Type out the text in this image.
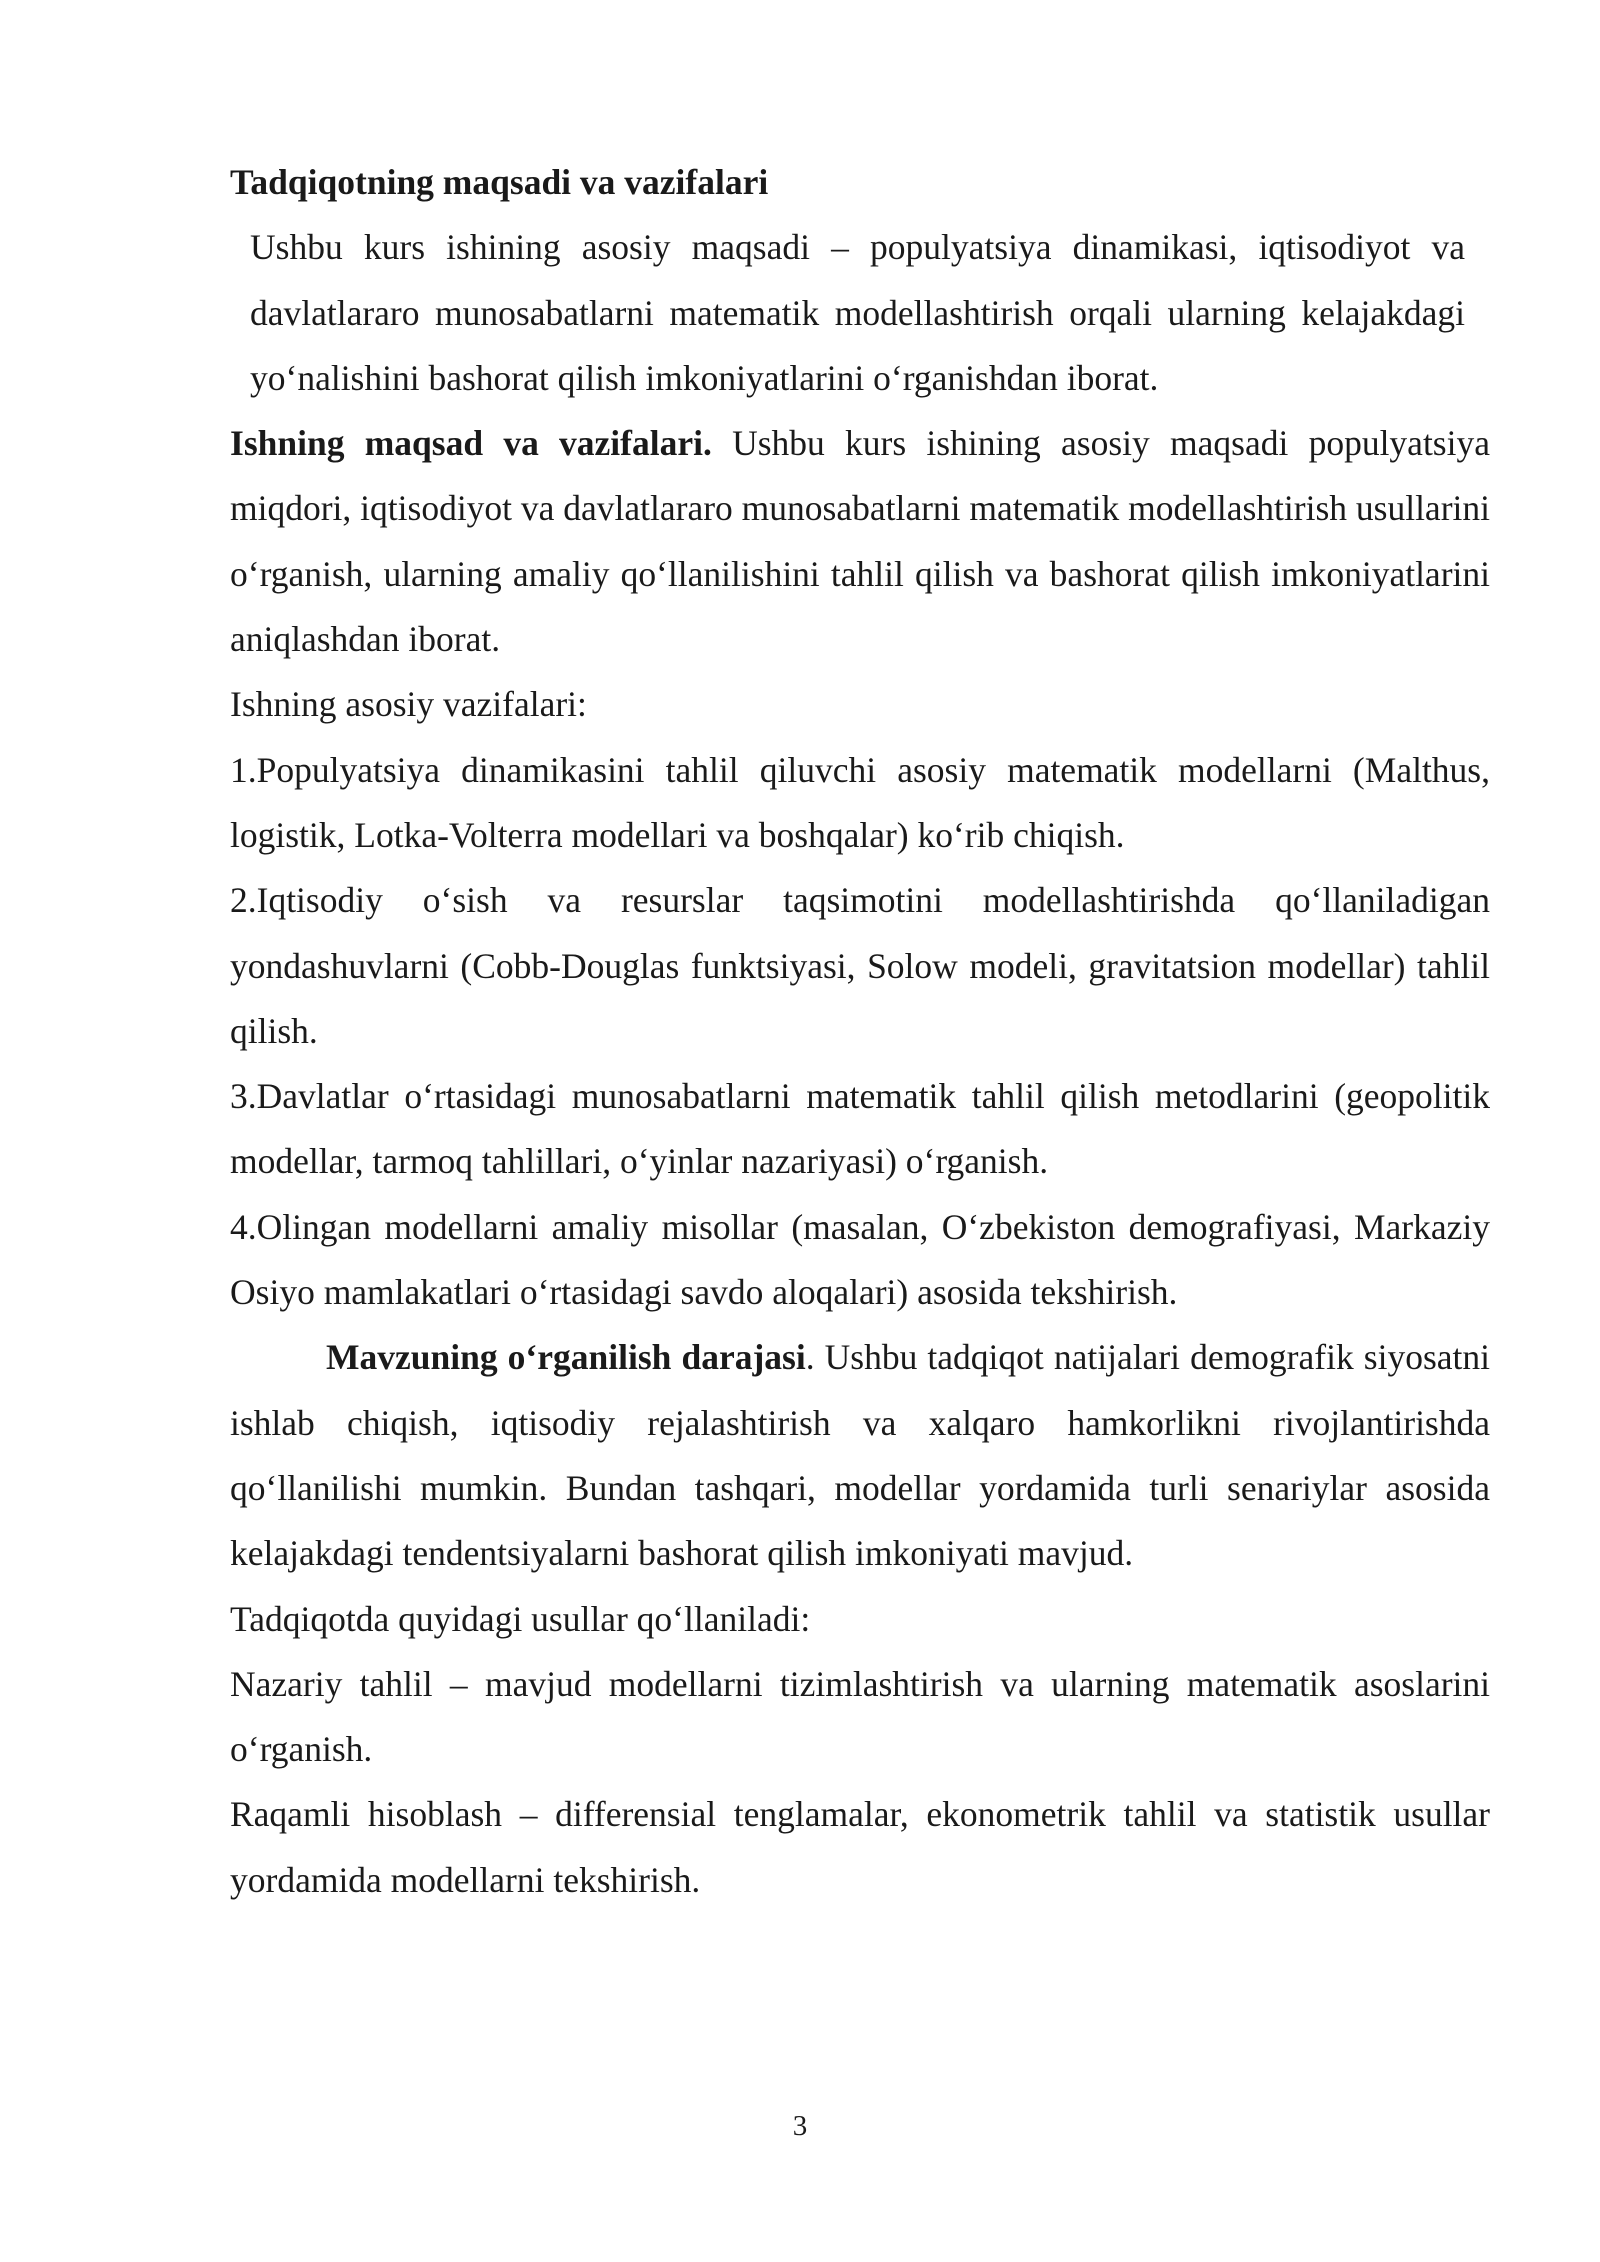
Tadqiqotning maqsadi va vazifalari

Ushbu kurs ishining asosiy maqsadi – populyatsiya dinamikasi, iqtisodiyot va davlatlararo munosabatlarni matematik modellashtirish orqali ularning kelajakdagi yo‘nalishini bashorat qilish imkoniyatlarini o‘rganishdan iborat.

Ishning maqsad va vazifalari. Ushbu kurs ishining asosiy maqsadi populyatsiya miqdori, iqtisodiyot va davlatlararo munosabatlarni matematik modellashtirish usullarini o‘rganish, ularning amaliy qo‘llanilishini tahlil qilish va bashorat qilish imkoniyatlarini aniqlashdan iborat.

Ishning asosiy vazifalari:

1.Populyatsiya dinamikasini tahlil qiluvchi asosiy matematik modellarni (Malthus, logistik, Lotka-Volterra modellari va boshqalar) ko‘rib chiqish.

2.Iqtisodiy o‘sish va resurslar taqsimotini modellashtirishda qo‘llaniladigan yondashuvlarni (Cobb-Douglas funktsiyasi, Solow modeli, gravitatsion modellar) tahlil qilish.

3.Davlatlar o‘rtasidagi munosabatlarni matematik tahlil qilish metodlarini (geopolitik modellar, tarmoq tahlillari, o‘yinlar nazariyasi) o‘rganish.

4.Olingan modellarni amaliy misollar (masalan, O‘zbekiston demografiyasi, Markaziy Osiyo mamlakatlari o‘rtasidagi savdo aloqalari) asosida tekshirish.

Mavzuning o‘rganilish darajasi. Ushbu tadqiqot natijalari demografik siyosatni ishlab chiqish, iqtisodiy rejalashtirish va xalqaro hamkorlikni rivojlantirishda qo‘llanilishi mumkin. Bundan tashqari, modellar yordamida turli senariylar asosida kelajakdagi tendentsiyalarni bashorat qilish imkoniyati mavjud.

Tadqiqotda quyidagi usullar qo‘llaniladi:

Nazariy tahlil – mavjud modellarni tizimlashtirish va ularning matematik asoslarini o‘rganish.

Raqamli hisoblash – differensial tenglamalar, ekonometrik tahlil va statistik usullar yordamida modellarni tekshirish.

3
